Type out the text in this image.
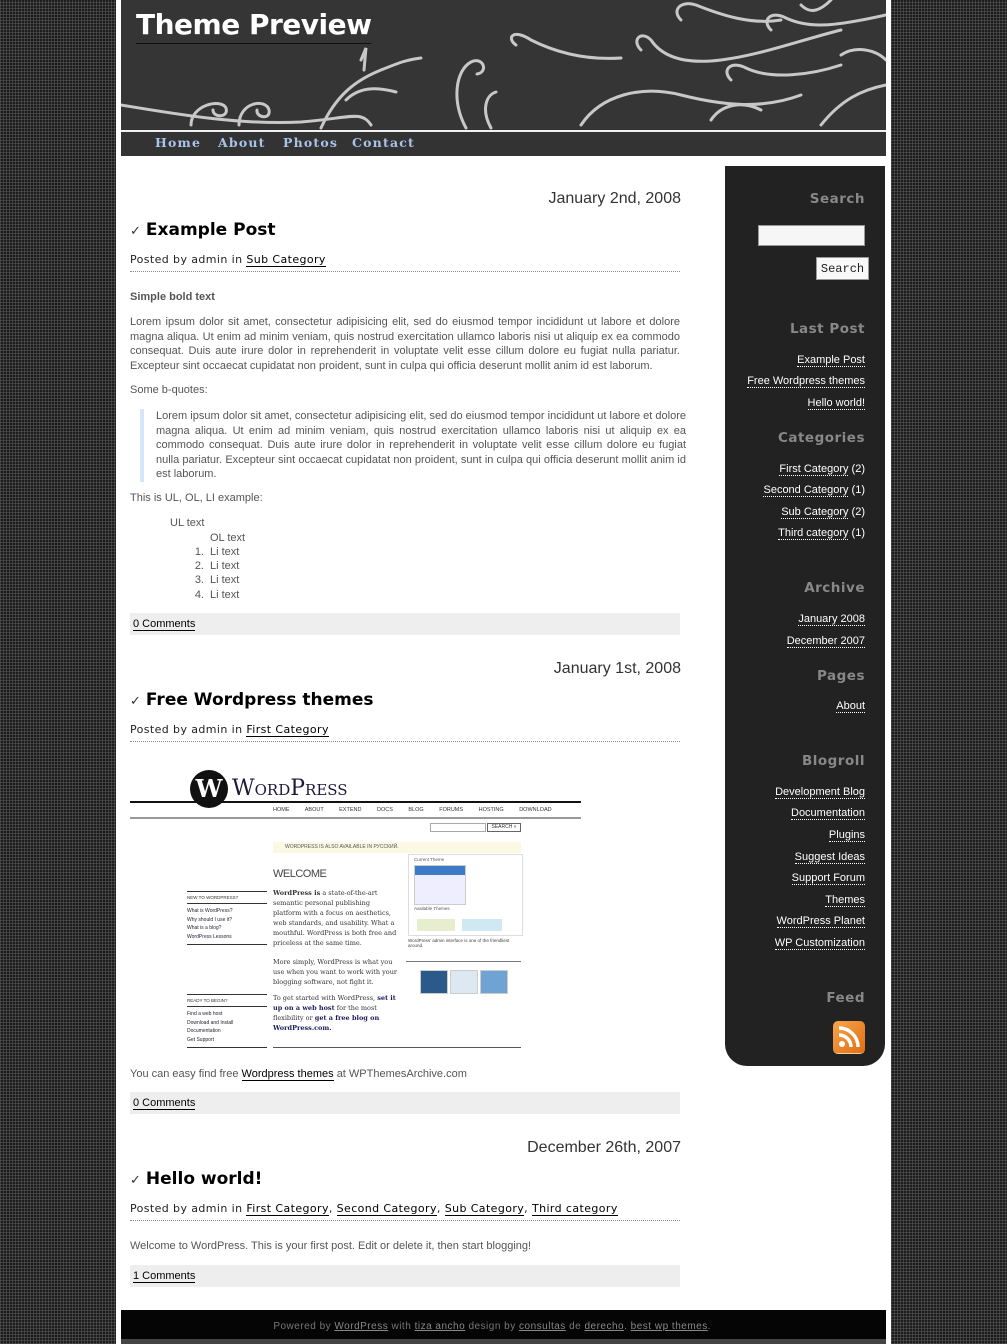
Theme Preview
Home About Photos Contact
January 2nd, 2008
✓ Example Post
Posted by admin in Sub Category
Simple bold text
Lorem ipsum dolor sit amet, consectetur adipisicing elit, sed do eiusmod tempor incididunt ut labore et dolore magna aliqua. Ut enim ad minim veniam, quis nostrud exercitation ullamco laboris nisi ut aliquip ex ea commodo consequat. Duis aute irure dolor in reprehenderit in voluptate velit esse cillum dolore eu fugiat nulla pariatur. Excepteur sint occaecat cupidatat non proident, sunt in culpa qui officia deserunt mollit anim id est laborum.
Some b-quotes:
Lorem ipsum dolor sit amet, consectetur adipisicing elit, sed do eiusmod tempor incididunt ut labore et dolore magna aliqua. Ut enim ad minim veniam, quis nostrud exercitation ullamco laboris nisi ut aliquip ex ea commodo consequat. Duis aute irure dolor in reprehenderit in voluptate velit esse cillum dolore eu fugiat nulla pariatur. Excepteur sint occaecat cupidatat non proident, sunt in culpa qui officia deserunt mollit anim id est laborum.
This is UL, OL, LI example:
UL text
OL text
1. Li text
2. Li text
3. Li text
4. Li text
0 Comments
January 1st, 2008
✓ Free Wordpress themes
Posted by admin in First Category
W WordPress
HOME	ABOUT	EXTEND	DOCS	BLOG	FORUMS	HOSTING	DOWNLOAD
SEARCH »
WORDPRESS IS ALSO AVAILABLE IN РУССКИЙ.
WELCOME
WordPress is a state-of-the-art semantic personal publishing platform with a focus on aesthetics, web standards, and usability. What a mouthful. WordPress is both free and priceless at the same time.
More simply, WordPress is what you use when you want to work with your blogging software, not fight it.
To get started with WordPress, set it up on a web host for the most flexibility or get a free blog on WordPress.com.
NEW TO WORDPRESS?
What is WordPress?
Why should I use it?
What is a blog?
WordPress Lessons
READY TO BEGIN?
Find a web host
Download and Install
Documentation
Get Support
Current Theme
Available Themes
WordPress' admin interface is one of the friendliest around.
You can easy find free Wordpress themes at WPThemesArchive.com
0 Comments
December 26th, 2007
✓ Hello world!
Posted by admin in First Category, Second Category, Sub Category, Third category
Welcome to WordPress. This is your first post. Edit or delete it, then start blogging!
1 Comments
Search
Search
Last Post
Example Post
Free Wordpress themes
Hello world!
Categories
First Category (2)
Second Category (1)
Sub Category (2)
Third category (1)
Archive
January 2008
December 2007
Pages
About
Blogroll
Development Blog
Documentation
Plugins
Suggest Ideas
Support Forum
Themes
WordPress Planet
WP Customization
Feed
Powered by WordPress with tiza ancho design by consultas de derecho. best wp themes.
